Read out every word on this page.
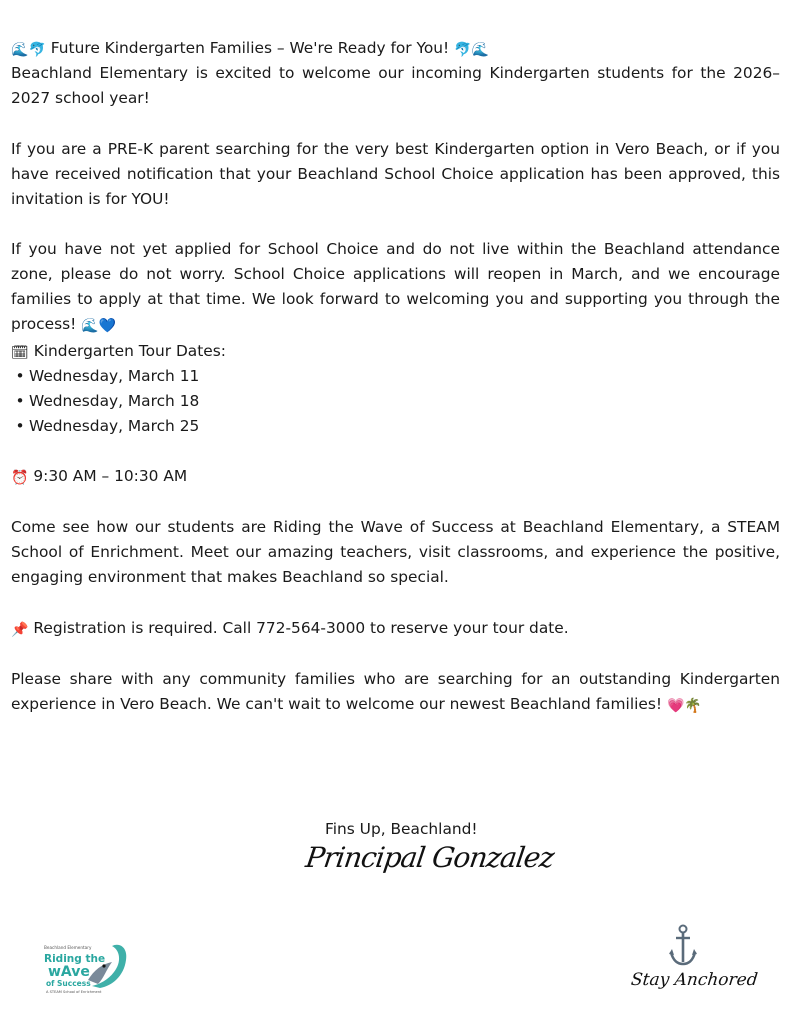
🌊🐬 Future Kindergarten Families – We're Ready for You! 🐬🌊

Beachland Elementary is excited to welcome our incoming Kindergarten students for the 2026–2027 school year!

If you are a PRE-K parent searching for the very best Kindergarten option in Vero Beach, or if you have received notification that your Beachland School Choice application has been approved, this invitation is for YOU!

If you have not yet applied for School Choice and do not live within the Beachland attendance zone, please do not worry. School Choice applications will reopen in March, and we encourage families to apply at that time. We look forward to welcoming you and supporting you through the process! 🌊💙
🗓 Kindergarten Tour Dates:
• Wednesday, March 11
• Wednesday, March 18
• Wednesday, March 25
⏰ 9:30 AM – 10:30 AM

Come see how our students are Riding the Wave of Success at Beachland Elementary, a STEAM School of Enrichment. Meet our amazing teachers, visit classrooms, and experience the positive, engaging environment that makes Beachland so special.

📌 Registration is required. Call 772-564-3000 to reserve your tour date.
Please share with any community families who are searching for an outstanding Kindergarten experience in Vero Beach. We can't wait to welcome our newest Beachland families! 💗🌴
Fins Up, Beachland!
Principal Gonzalez
Beachland Elementary
Riding the
wAve
of Success
A STEAM School of Enrichment
Stay Anchored
